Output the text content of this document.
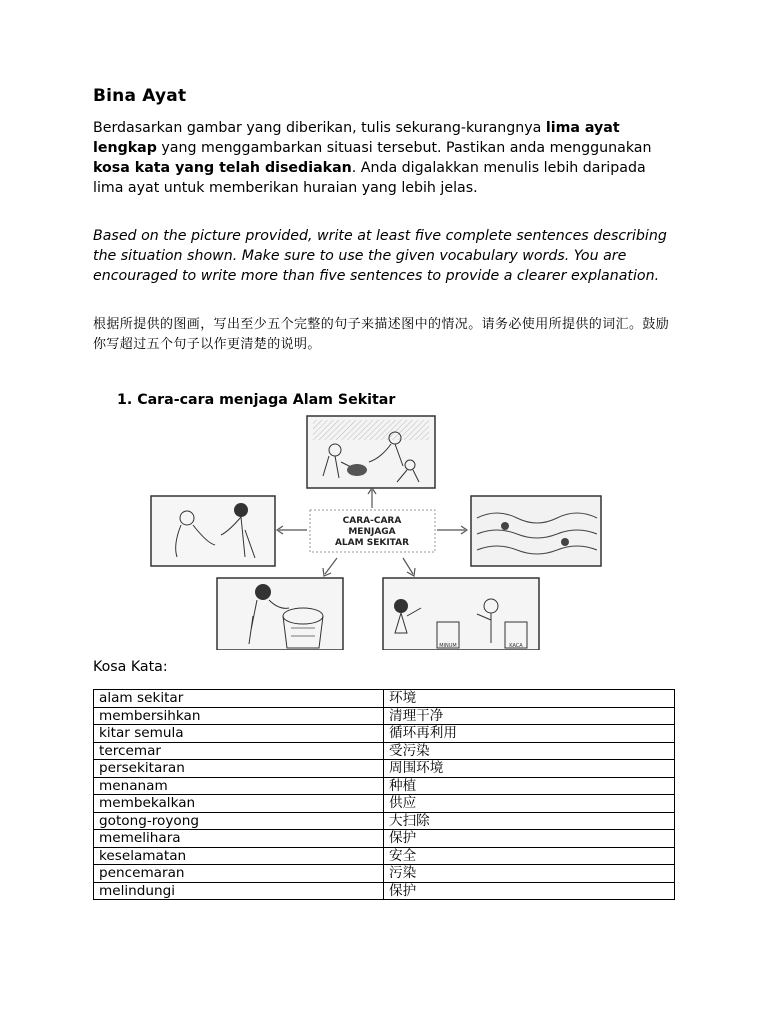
Bina Ayat

Berdasarkan gambar yang diberikan, tulis sekurang-kurangnya lima ayat lengkap yang menggambarkan situasi tersebut. Pastikan anda menggunakan kosa kata yang telah disediakan. Anda digalakkan menulis lebih daripada lima ayat untuk memberikan huraian yang lebih jelas.

Based on the picture provided, write at least five complete sentences describing the situation shown. Make sure to use the given vocabulary words. You are encouraged to write more than five sentences to provide a clearer explanation.

根据所提供的图画，写出至少五个完整的句子来描述图中的情况。请务必使用所提供的词汇。鼓励你写超过五个句子以作更清楚的说明。

1. Cara-cara menjaga Alam Sekitar

CARA-CARA
MENJAGA
ALAM SEKITAR
MINUM	KACA

Kosa Kata:

alam sekitar	环境
membersihkan	清理干净
kitar semula	循环再利用
tercemar	受污染
persekitaran	周围环境
menanam	种植
membekalkan	供应
gotong-royong	大扫除
memelihara	保护
keselamatan	安全
pencemaran	污染
melindungi	保护
